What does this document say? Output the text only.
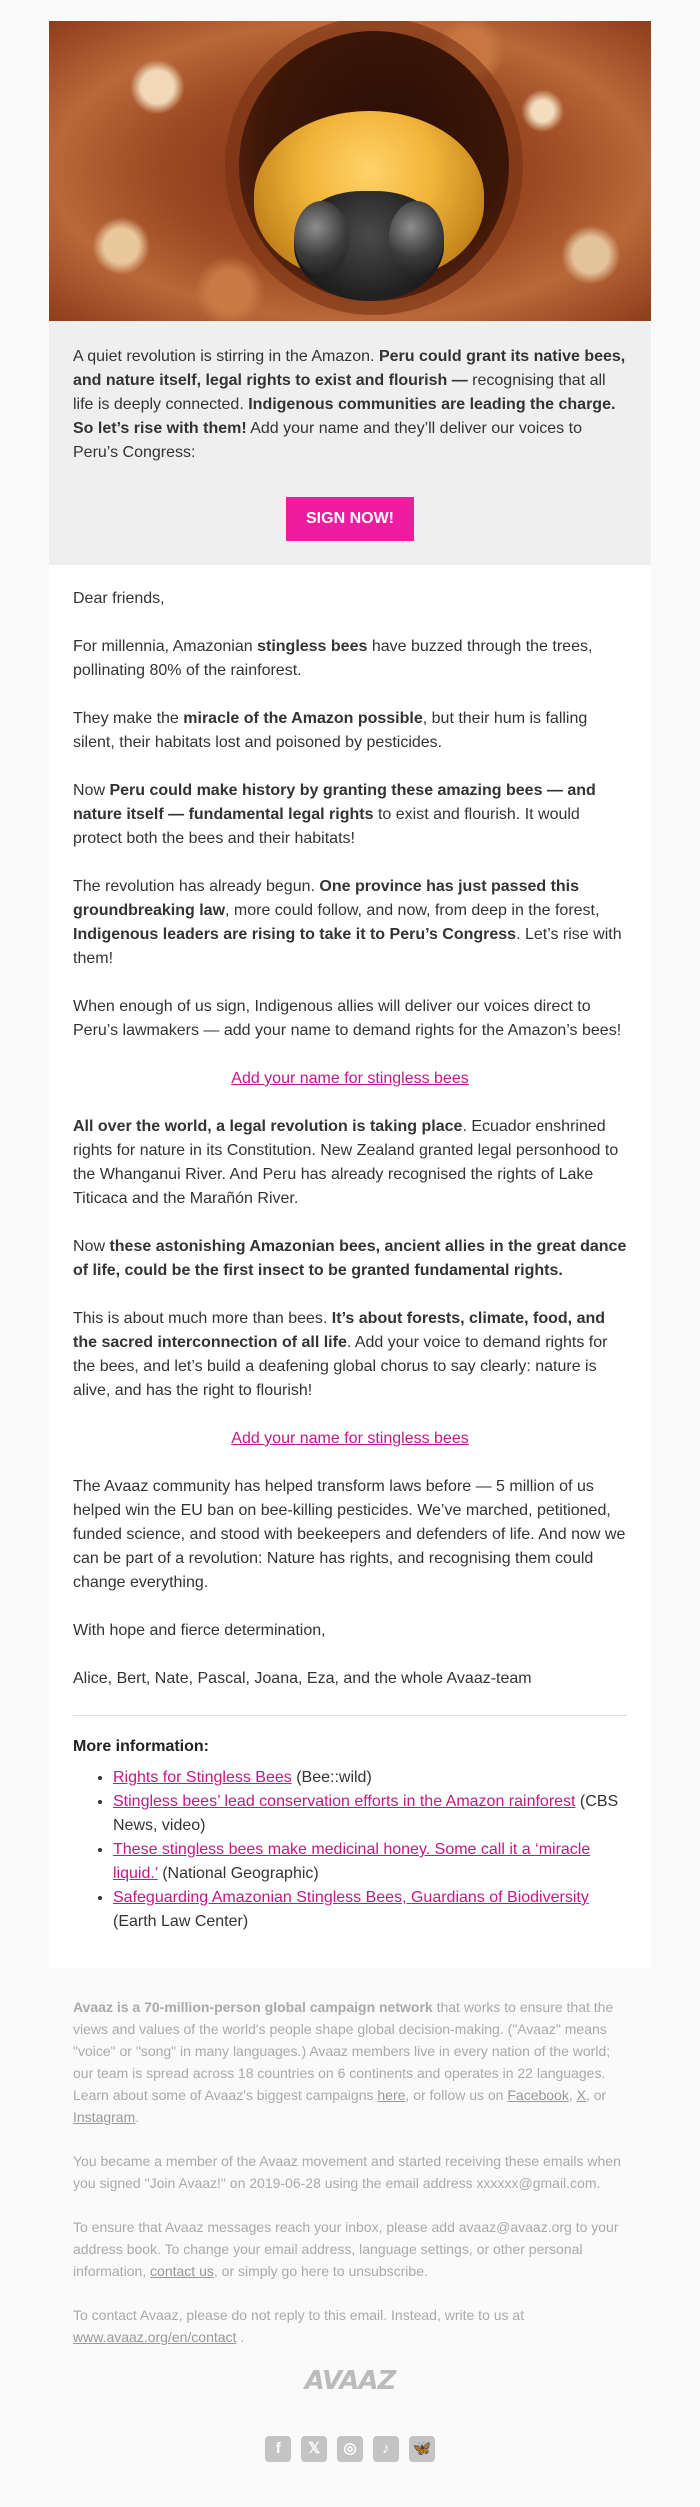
A quiet revolution is stirring in the Amazon. Peru could grant its native bees, and nature itself, legal rights to exist and flourish — recognising that all life is deeply connected. Indigenous communities are leading the charge. So let’s rise with them! Add your name and they’ll deliver our voices to Peru’s Congress:

SIGN NOW!

Dear friends,

For millennia, Amazonian stingless bees have buzzed through the trees, pollinating 80% of the rainforest.

They make the miracle of the Amazon possible, but their hum is falling silent, their habitats lost and poisoned by pesticides.

Now Peru could make history by granting these amazing bees — and nature itself — fundamental legal rights to exist and flourish. It would protect both the bees and their habitats!

The revolution has already begun. One province has just passed this groundbreaking law, more could follow, and now, from deep in the forest, Indigenous leaders are rising to take it to Peru’s Congress. Let’s rise with them!

When enough of us sign, Indigenous allies will deliver our voices direct to Peru’s lawmakers — add your name to demand rights for the Amazon’s bees!

Add your name for stingless bees

All over the world, a legal revolution is taking place. Ecuador enshrined rights for nature in its Constitution. New Zealand granted legal personhood to the Whanganui River. And Peru has already recognised the rights of Lake Titicaca and the Marañón River.

Now these astonishing Amazonian bees, ancient allies in the great dance of life, could be the first insect to be granted fundamental rights.

This is about much more than bees. It’s about forests, climate, food, and the sacred interconnection of all life. Add your voice to demand rights for the bees, and let’s build a deafening global chorus to say clearly: nature is alive, and has the right to flourish!

Add your name for stingless bees

The Avaaz community has helped transform laws before — 5 million of us helped win the EU ban on bee-killing pesticides. We’ve marched, petitioned, funded science, and stood with beekeepers and defenders of life. And now we can be part of a revolution: Nature has rights, and recognising them could change everything.

With hope and fierce determination,

Alice, Bert, Nate, Pascal, Joana, Eza, and the whole Avaaz-team

More information:
• Rights for Stingless Bees (Bee::wild)
• Stingless bees’ lead conservation efforts in the Amazon rainforest (CBS News, video)
• These stingless bees make medicinal honey. Some call it a ‘miracle liquid.’ (National Geographic)
• Safeguarding Amazonian Stingless Bees, Guardians of Biodiversity (Earth Law Center)

Avaaz is a 70-million-person global campaign network that works to ensure that the views and values of the world's people shape global decision-making. ("Avaaz" means "voice" or "song" in many languages.) Avaaz members live in every nation of the world; our team is spread across 18 countries on 6 continents and operates in 22 languages. Learn about some of Avaaz's biggest campaigns here, or follow us on Facebook, X, or Instagram.

You became a member of the Avaaz movement and started receiving these emails when you signed "Join Avaaz!" on 2019-06-28 using the email address xxxxxx@gmail.com.

To ensure that Avaaz messages reach your inbox, please add avaaz@avaaz.org to your address book. To change your email address, language settings, or other personal information, contact us, or simply go here to unsubscribe.

To contact Avaaz, please do not reply to this email. Instead, write to us at www.avaaz.org/en/contact .

AVAAZ
f 𝕏 ◎ ♪ 🦋
